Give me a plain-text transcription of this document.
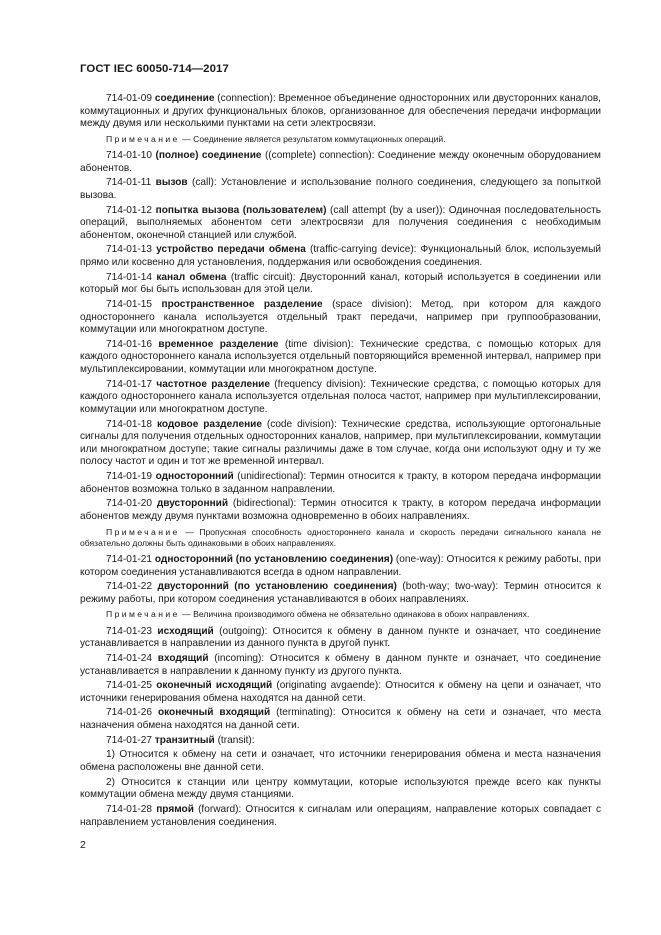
ГОСТ IEC 60050-714—2017

714-01-09 соединение (connection): Временное объединение односторонних или двусторонних каналов, коммутационных и других функциональных блоков, организованное для обеспечения передачи информации между двумя или несколькими пунктами на сети электросвязи.

Примечание — Соединение является результатом коммутационных операций.

714-01-10 (полное) соединение ((complete) connection): Соединение между оконечным оборудованием абонентов.

714-01-11 вызов (call): Установление и использование полного соединения, следующего за попыткой вызова.

714-01-12 попытка вызова (пользователем) (call attempt (by a user)): Одиночная последовательность операций, выполняемых абонентом сети электросвязи для получения соединения с необходимым абонентом, оконечной станцией или службой.

714-01-13 устройство передачи обмена (traffic-carrying device): Функциональный блок, используемый прямо или косвенно для установления, поддержания или освобождения соединения.

714-01-14 канал обмена (traffic circuit): Двусторонний канал, который используется в соединении или который мог бы быть использован для этой цели.

714-01-15 пространственное разделение (space division): Метод, при котором для каждого одностороннего канала используется отдельный тракт передачи, например при группообразовании, коммутации или многократном доступе.

714-01-16 временное разделение (time division): Технические средства, с помощью которых для каждого одностороннего канала используется отдельный повторяющийся временной интервал, например при мультиплексировании, коммутации или многократном доступе.

714-01-17 частотное разделение (frequency division): Технические средства, с помощью которых для каждого одностороннего канала используется отдельная полоса частот, например при мультиплексировании, коммутации или многократном доступе.

714-01-18 кодовое разделение (code division): Технические средства, использующие ортогональные сигналы для получения отдельных односторонних каналов, например, при мультиплексировании, коммутации или многократном доступе; такие сигналы различимы даже в том случае, когда они используют одну и ту же полосу частот и один и тот же временной интервал.

714-01-19 односторонний (unidirectional): Термин относится к тракту, в котором передача информации абонентов возможна только в заданном направлении.

714-01-20 двусторонний (bidirectional): Термин относится к тракту, в котором передача информации абонентов между двумя пунктами возможна одновременно в обоих направлениях.

Примечание — Пропускная способность одностороннего канала и скорость передачи сигнального канала не обязательно должны быть одинаковыми в обоих направлениях.

714-01-21 односторонний (по установлению соединения) (one-way): Относится к режиму работы, при котором соединения устанавливаются всегда в одном направлении.

714-01-22 двусторонний (по установлению соединения) (both-way; two-way): Термин относится к режиму работы, при котором соединения устанавливаются в обоих направлениях.

Примечание — Величина производимого обмена не обязательно одинакова в обоих направлениях.

714-01-23 исходящий (outgoing): Относится к обмену в данном пункте и означает, что соединение устанавливается в направлении из данного пункта в другой пункт.

714-01-24 входящий (incoming): Относится к обмену в данном пункте и означает, что соединение устанавливается в направлении к данному пункту из другого пункта.

714-01-25 оконечный исходящий (originating avgaende): Относится к обмену на цепи и означает, что источники генерирования обмена находятся на данной сети.

714-01-26 оконечный входящий (terminating): Относится к обмену на сети и означает, что места назначения обмена находятся на данной сети.

714-01-27 транзитный (transit):

1) Относится к обмену на сети и означает, что источники генерирования обмена и места назначения обмена расположены вне данной сети.

2) Относится к станции или центру коммутации, которые используются прежде всего как пункты коммутации обмена между двумя станциями.

714-01-28 прямой (forward): Относится к сигналам или операциям, направление которых совпадает с направлением установления соединения.

2
